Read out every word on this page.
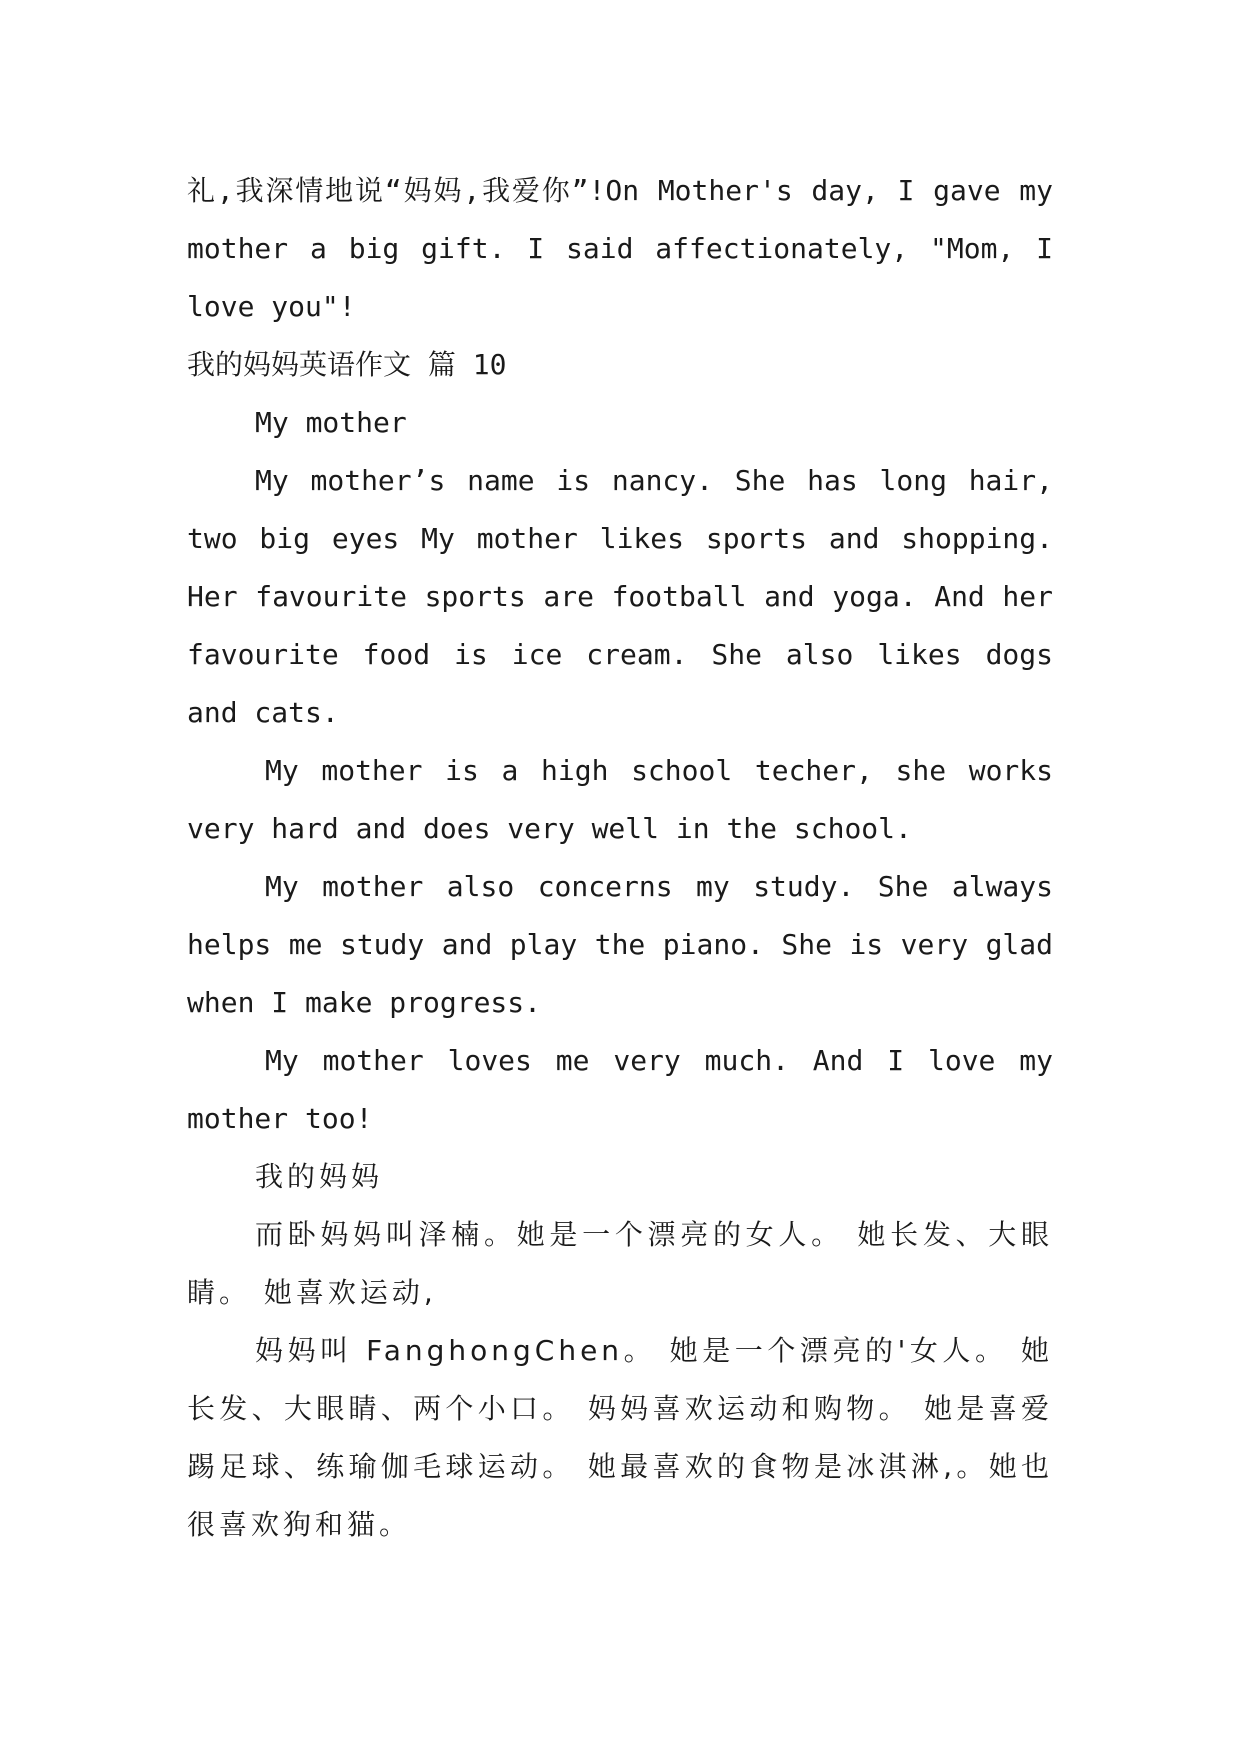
礼,我深情地说“妈妈,我爱你”!On Mother's day, I gave my mother a big gift. I said affectionately, "Mom, I love you"!

我的妈妈英语作文 篇 10

My mother

My mother’s name is nancy. She has long hair, two big eyes My mother likes sports and shopping. Her favourite sports are football and yoga. And her favourite food is ice cream. She also likes dogs and cats.

My mother is a high school techer, she works very hard and does very well in the school.

My mother also concerns my study. She always helps me study and play the piano. She is very glad when I make progress.

My mother loves me very much. And I love my mother too!

我的妈妈

而卧妈妈叫泽楠。她是一个漂亮的女人。 她长发、大眼睛。 她喜欢运动,

妈妈叫 FanghongChen。 她是一个漂亮的'女人。 她长发、大眼睛、两个小口。 妈妈喜欢运动和购物。 她是喜爱踢足球、练瑜伽毛球运动。 她最喜欢的食物是冰淇淋,。她也很喜欢狗和猫。
